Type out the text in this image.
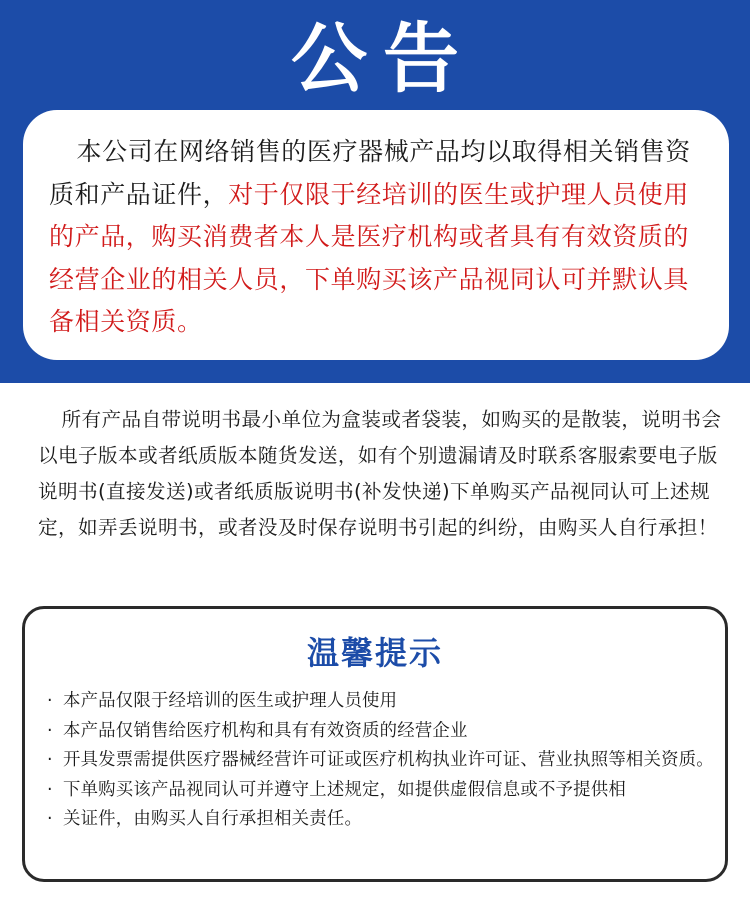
公告

本公司在网络销售的医疗器械产品均以取得相关销售资质和产品证件，对于仅限于经培训的医生或护理人员使用的产品，购买消费者本人是医疗机构或者具有有效资质的经营企业的相关人员，下单购买该产品视同认可并默认具备相关资质。

所有产品自带说明书最小单位为盒装或者袋装，如购买的是散装，说明书会以电子版本或者纸质版本随货发送，如有个别遗漏请及时联系客服索要电子版说明书(直接发送)或者纸质版说明书(补发快递)下单购买产品视同认可上述规定，如弄丢说明书，或者没及时保存说明书引起的纠纷，由购买人自行承担！

温馨提示
· 本产品仅限于经培训的医生或护理人员使用
· 本产品仅销售给医疗机构和具有有效资质的经营企业
· 开具发票需提供医疗器械经营许可证或医疗机构执业许可证、营业执照等相关资质。
· 下单购买该产品视同认可并遵守上述规定，如提供虚假信息或不予提供相
· 关证件，由购买人自行承担相关责任。
